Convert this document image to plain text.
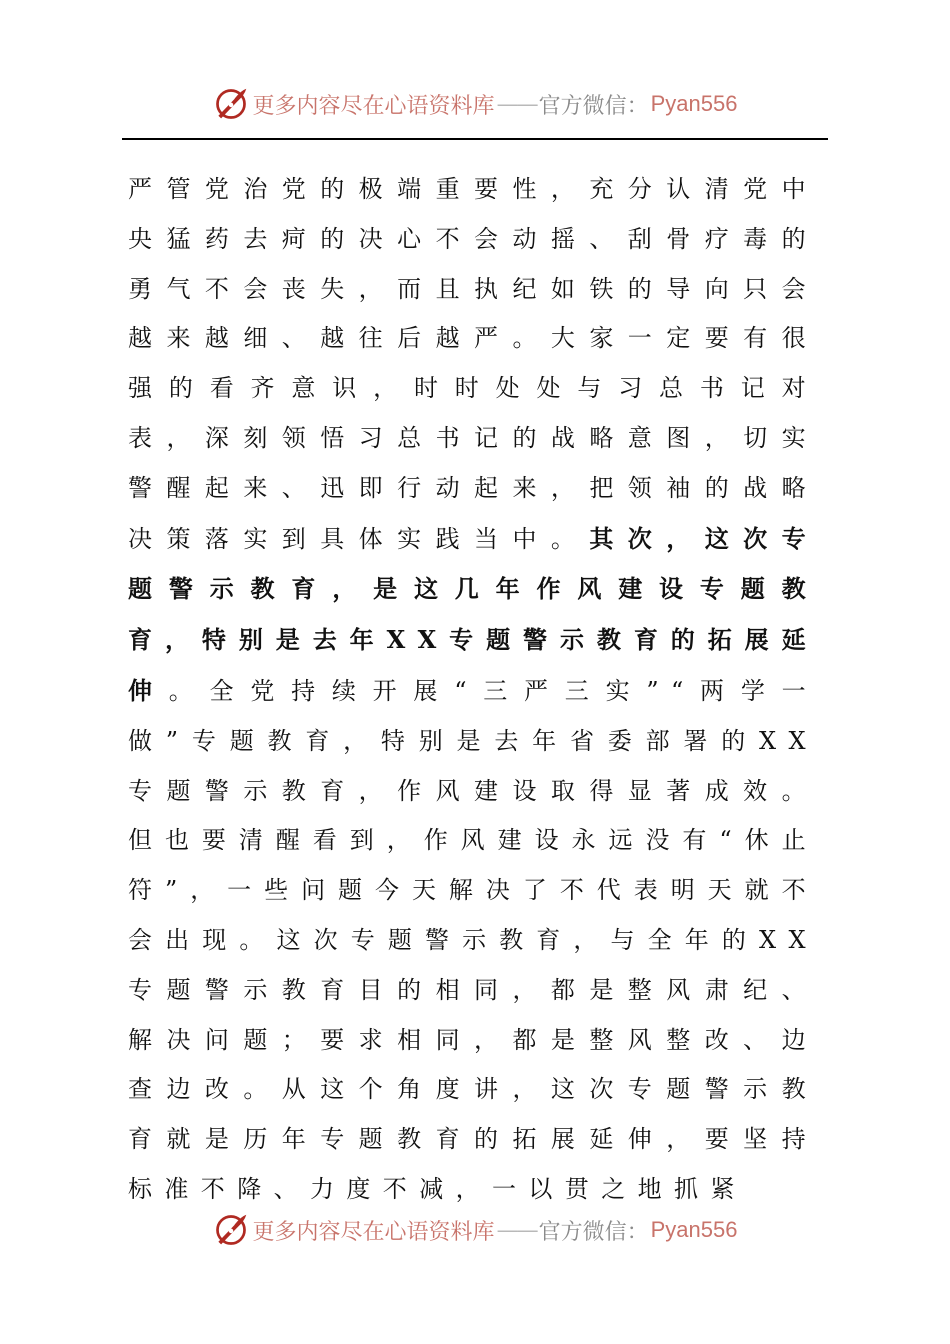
更多内容尽在心语资料库 —— 官方微信： Pyan556

严管党治党的极端重要性，充分认清党中央猛药去疴的决心不会动摇、刮骨疗毒的勇气不会丧失，而且执纪如铁的导向只会越来越细、越往后越严。大家一定要有很强的看齐意识，时时处处与习总书记对表，深刻领悟习总书记的战略意图，切实警醒起来、迅即行动起来，把领袖的战略决策落实到具体实践当中。其次，这次专题警示教育，是这几年作风建设专题教育，特别是去年XX专题警示教育的拓展延伸。全党持续开展“三严三实”“两学一做”专题教育，特别是去年省委部署的XX专题警示教育，作风建设取得显著成效。但也要清醒看到，作风建设永远没有“休止符”，一些问题今天解决了不代表明天就不会出现。这次专题警示教育，与全年的XX专题警示教育目的相同，都是整风肃纪、解决问题；要求相同，都是整风整改、边查边改。从这个角度讲，这次专题警示教育就是历年专题教育的拓展延伸，要坚持标准不降、力度不减，一以贯之地抓紧

更多内容尽在心语资料库 —— 官方微信： Pyan556
